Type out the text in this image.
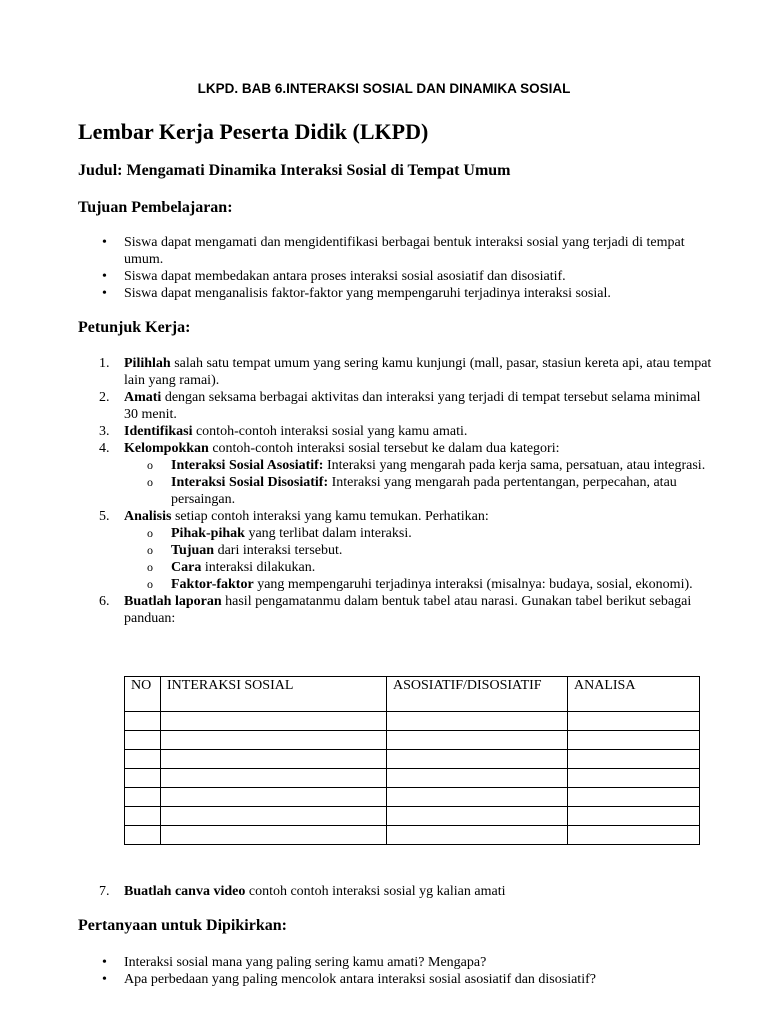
LKPD. BAB 6.INTERAKSI SOSIAL DAN DINAMIKA SOSIAL
Lembar Kerja Peserta Didik (LKPD)
Judul: Mengamati Dinamika Interaksi Sosial di Tempat Umum
Tujuan Pembelajaran:
• Siswa dapat mengamati dan mengidentifikasi berbagai bentuk interaksi sosial yang terjadi di tempat umum.
• Siswa dapat membedakan antara proses interaksi sosial asosiatif dan disosiatif.
• Siswa dapat menganalisis faktor-faktor yang mempengaruhi terjadinya interaksi sosial.
Petunjuk Kerja:
1. Pilihlah salah satu tempat umum yang sering kamu kunjungi (mall, pasar, stasiun kereta api, atau tempat lain yang ramai).
2. Amati dengan seksama berbagai aktivitas dan interaksi yang terjadi di tempat tersebut selama minimal 30 menit.
3. Identifikasi contoh-contoh interaksi sosial yang kamu amati.
4. Kelompokkan contoh-contoh interaksi sosial tersebut ke dalam dua kategori:
o Interaksi Sosial Asosiatif: Interaksi yang mengarah pada kerja sama, persatuan, atau integrasi.
o Interaksi Sosial Disosiatif: Interaksi yang mengarah pada pertentangan, perpecahan, atau persaingan.
5. Analisis setiap contoh interaksi yang kamu temukan. Perhatikan:
o Pihak-pihak yang terlibat dalam interaksi.
o Tujuan dari interaksi tersebut.
o Cara interaksi dilakukan.
o Faktor-faktor yang mempengaruhi terjadinya interaksi (misalnya: budaya, sosial, ekonomi).
6. Buatlah laporan hasil pengamatanmu dalam bentuk tabel atau narasi. Gunakan tabel berikut sebagai panduan:
NO	INTERAKSI SOSIAL	ASOSIATIF/DISOSIATIF	ANALISA

7. Buatlah canva video contoh contoh interaksi sosial yg kalian amati
Pertanyaan untuk Dipikirkan:
• Interaksi sosial mana yang paling sering kamu amati? Mengapa?
• Apa perbedaan yang paling mencolok antara interaksi sosial asosiatif dan disosiatif?
